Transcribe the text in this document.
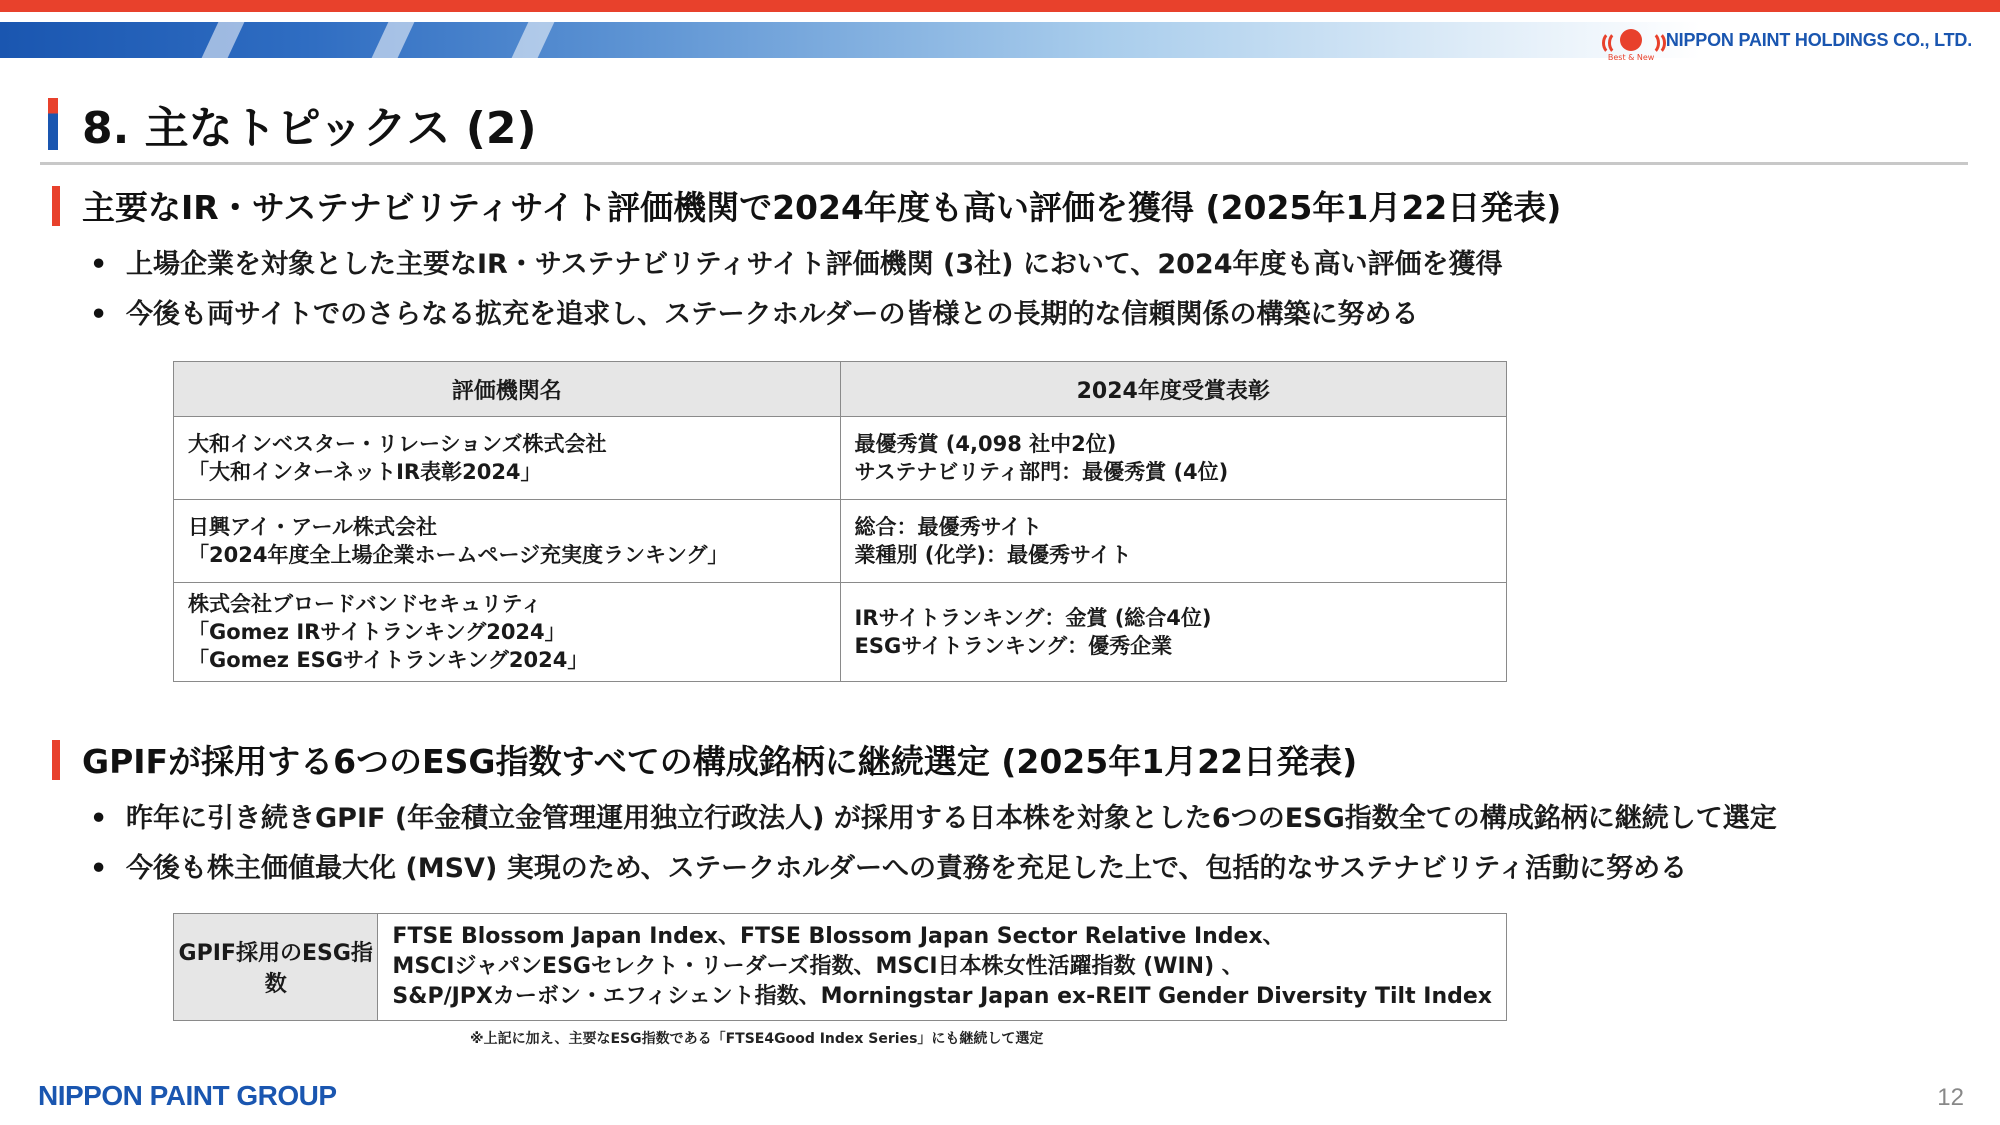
Best & New
NIPPON PAINT HOLDINGS CO., LTD.
8. 主なトピックス (2)
主要なIR・サステナビリティサイト評価機関で2024年度も高い評価を獲得 (2025年1月22日発表)
• 上場企業を対象とした主要なIR・サステナビリティサイト評価機関 (3社) において、2024年度も高い評価を獲得
• 今後も両サイトでのさらなる拡充を追求し、ステークホルダーの皆様との長期的な信頼関係の構築に努める
評価機関名	2024年度受賞表彰

大和インベスター・リレーションズ株式会社
「大和インターネットIR表彰2024」	最優秀賞 (4,098 社中2位)
サステナビリティ部門：最優秀賞 (4位)

日興アイ・アール株式会社
「2024年度全上場企業ホームページ充実度ランキング」	総合：最優秀サイト
業種別 (化学)：最優秀サイト

株式会社ブロードバンドセキュリティ
「Gomez IRサイトランキング2024」
「Gomez ESGサイトランキング2024」	IRサイトランキング：金賞 (総合4位)
ESGサイトランキング：優秀企業
GPIFが採用する6つのESG指数すべての構成銘柄に継続選定 (2025年1月22日発表)
• 昨年に引き続きGPIF (年金積立金管理運用独立行政法人) が採用する日本株を対象とした6つのESG指数全ての構成銘柄に継続して選定
• 今後も株主価値最大化 (MSV) 実現のため、ステークホルダーへの責務を充足した上で、包括的なサステナビリティ活動に努める
GPIF採用のESG指数	
FTSE Blossom Japan Index、FTSE Blossom Japan Sector Relative Index、
MSCIジャパンESGセレクト・リーダーズ指数、MSCI日本株女性活躍指数 (WIN) 、
S&P/JPXカーボン・エフィシェント指数、Morningstar Japan ex-REIT Gender Diversity Tilt Index
※上記に加え、主要なESG指数である「FTSE4Good Index Series」にも継続して選定
NIPPON PAINT GROUP	12
